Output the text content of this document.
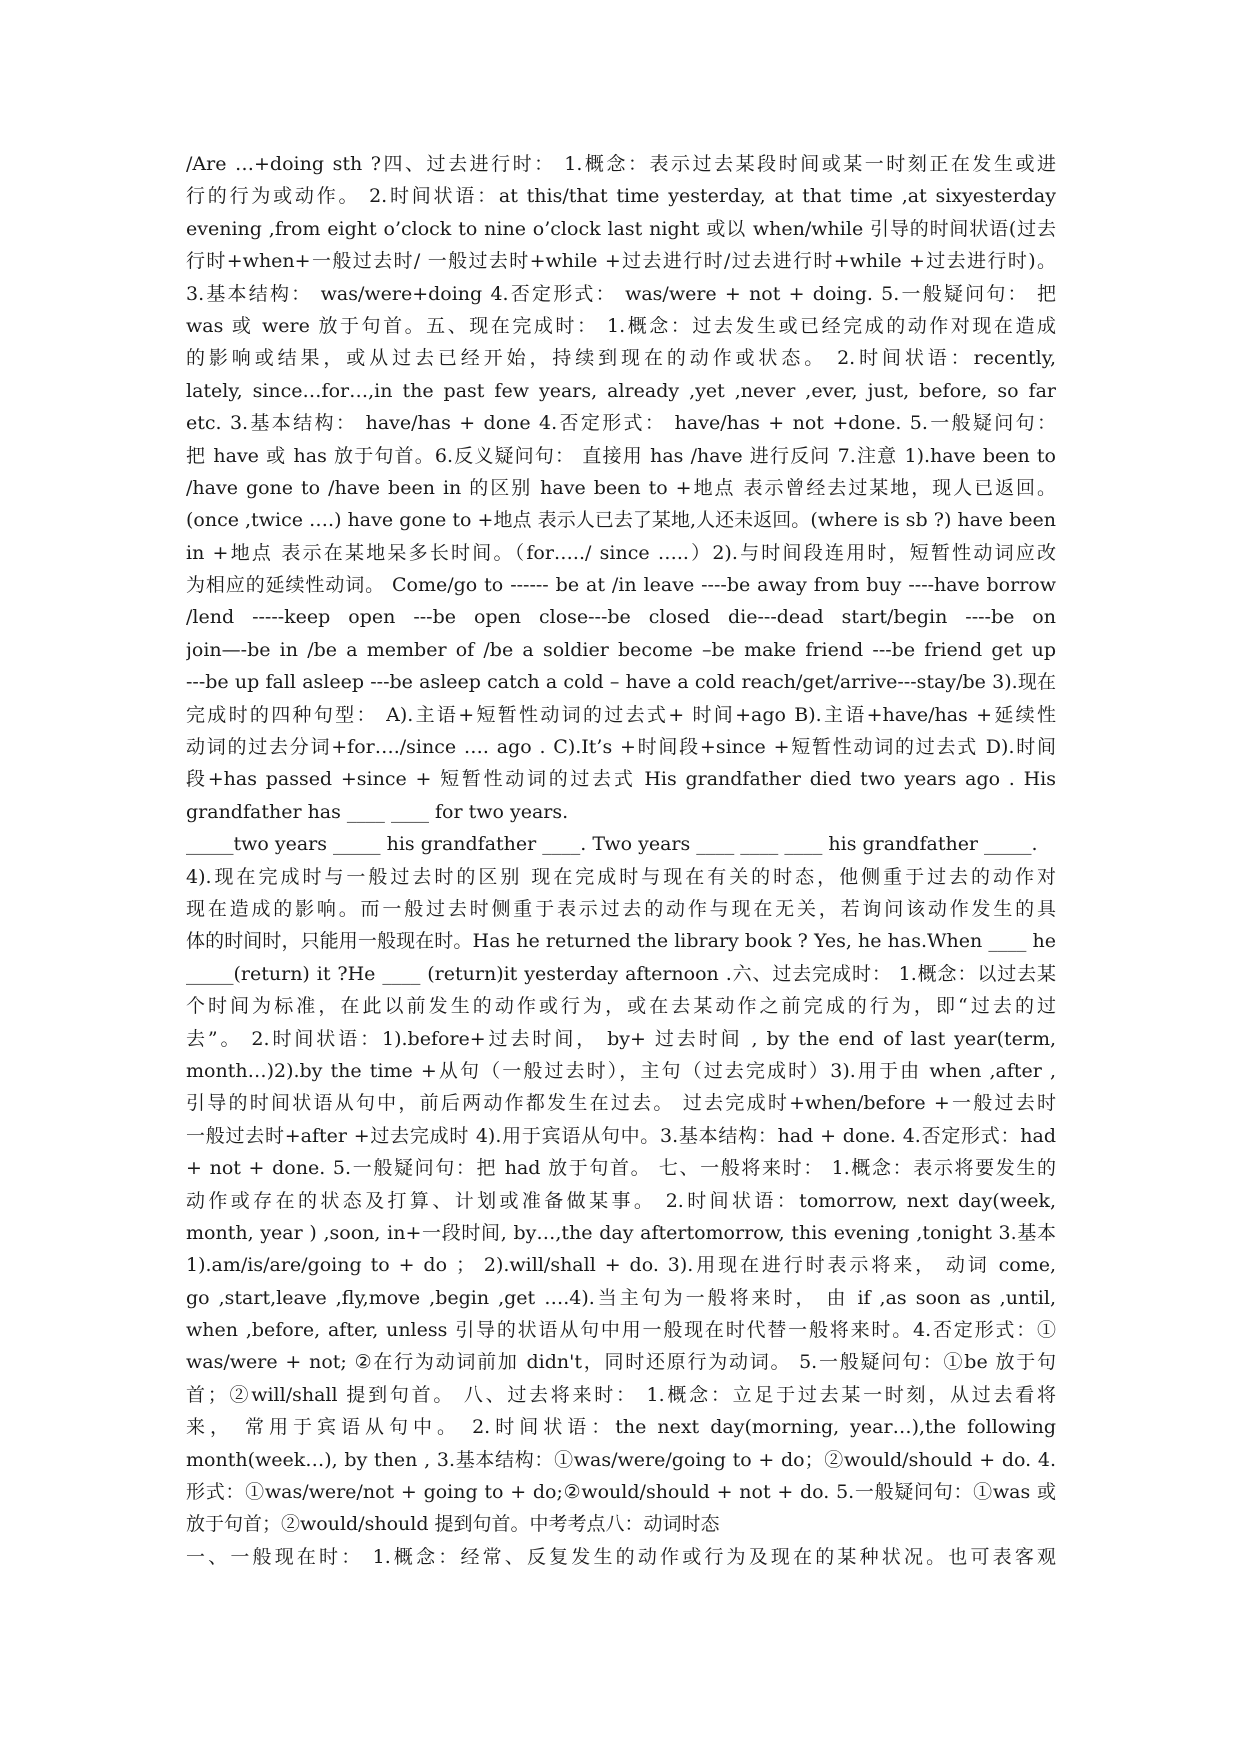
/Are …+doing sth ?四、过去进行时： 1.概念：表示过去某段时间或某一时刻正在发生或进
行的行为或动作。 2.时间状语：at this/that time yesterday, at that time ,at sixyesterday
evening ,from eight o’clock to nine o’clock last night 或以 when/while 引导的时间状语(过去
行时+when+一般过去时/ 一般过去时+while +过去进行时/过去进行时+while +过去进行时)。
3.基本结构： was/were+doing 4.否定形式： was/were + not + doing. 5.一般疑问句： 把
was 或 were 放于句首。五、现在完成时： 1.概念：过去发生或已经完成的动作对现在造成
的影响或结果，或从过去已经开始，持续到现在的动作或状态。 2.时间状语：recently,
lately, since…for…,in the past few years, already ,yet ,never ,ever, just, before, so far
etc. 3.基本结构： have/has + done 4.否定形式： have/has + not +done. 5.一般疑问句：
把 have 或 has 放于句首。6.反义疑问句： 直接用 has /have 进行反问 7.注意 1).have been to
/have gone to /have been in 的区别 have been to +地点 表示曾经去过某地，现人已返回。
(once ,twice ….) have gone to +地点 表示人已去了某地,人还未返回。(where is sb ?) have been
in +地点 表示在某地呆多长时间。（for…../ since …..）2).与时间段连用时，短暂性动词应改
为相应的延续性动词。 Come/go to ------ be at /in leave ----be away from buy ----have borrow
/lend -----keep open ---be open close---be closed die---dead start/begin ----be on
join—-be in /be a member of /be a soldier become –be make friend ---be friend get up
---be up fall asleep ---be asleep catch a cold – have a cold reach/get/arrive---stay/be 3).现在
完成时的四种句型： A).主语+短暂性动词的过去式+ 时间+ago B).主语+have/has +延续性
动词的过去分词+for…./since …. ago . C).It’s +时间段+since +短暂性动词的过去式 D).时间
段+has passed +since + 短暂性动词的过去式 His grandfather died two years ago . His
grandfather has ____ ____ for two years.
_____two years _____ his grandfather ____. Two years ____ ____ ____ his grandfather _____.
4).现在完成时与一般过去时的区别 现在完成时与现在有关的时态，他侧重于过去的动作对
现在造成的影响。而一般过去时侧重于表示过去的动作与现在无关，若询问该动作发生的具
体的时间时，只能用一般现在时。Has he returned the library book ? Yes, he has.When ____ he
_____(return) it ?He ____ (return)it yesterday afternoon .六、过去完成时： 1.概念：以过去某
个时间为标准，在此以前发生的动作或行为，或在去某动作之前完成的行为，即“过去的过
去”。 2.时间状语：1).before+过去时间， by+ 过去时间 , by the end of last year(term,
month…)2).by the time +从句（一般过去时），主句（过去完成时）3).用于由 when ,after ,
引导的时间状语从句中，前后两动作都发生在过去。 过去完成时+when/before +一般过去时
一般过去时+after +过去完成时 4).用于宾语从句中。3.基本结构：had + done. 4.否定形式：had
+ not + done. 5.一般疑问句：把 had 放于句首。 七、一般将来时： 1.概念：表示将要发生的
动作或存在的状态及打算、计划或准备做某事。 2.时间状语：tomorrow, next day(week,
month, year ) ,soon, in+一段时间, by…,the day aftertomorrow, this evening ,tonight 3.基本
1).am/is/are/going to + do ； 2).will/shall + do. 3).用现在进行时表示将来， 动词 come,
go ,start,leave ,fly,move ,begin ,get ….4).当主句为一般将来时， 由 if ,as soon as ,until,
when ,before, after, unless 引导的状语从句中用一般现在时代替一般将来时。4.否定形式：①
was/were + not; ②在行为动词前加 didn't，同时还原行为动词。 5.一般疑问句：①be 放于句
首；②will/shall 提到句首。 八、过去将来时： 1.概念：立足于过去某一时刻，从过去看将
来， 常用于宾语从句中。 2.时间状语：the next day(morning, year…),the following
month(week…), by then , 3.基本结构：①was/were/going to + do；②would/should + do. 4.
形式：①was/were/not + going to + do;②would/should + not + do. 5.一般疑问句：①was 或
放于句首；②would/should 提到句首。中考考点八：动词时态
一、一般现在时： 1.概念：经常、反复发生的动作或行为及现在的某种状况。也可表客观
